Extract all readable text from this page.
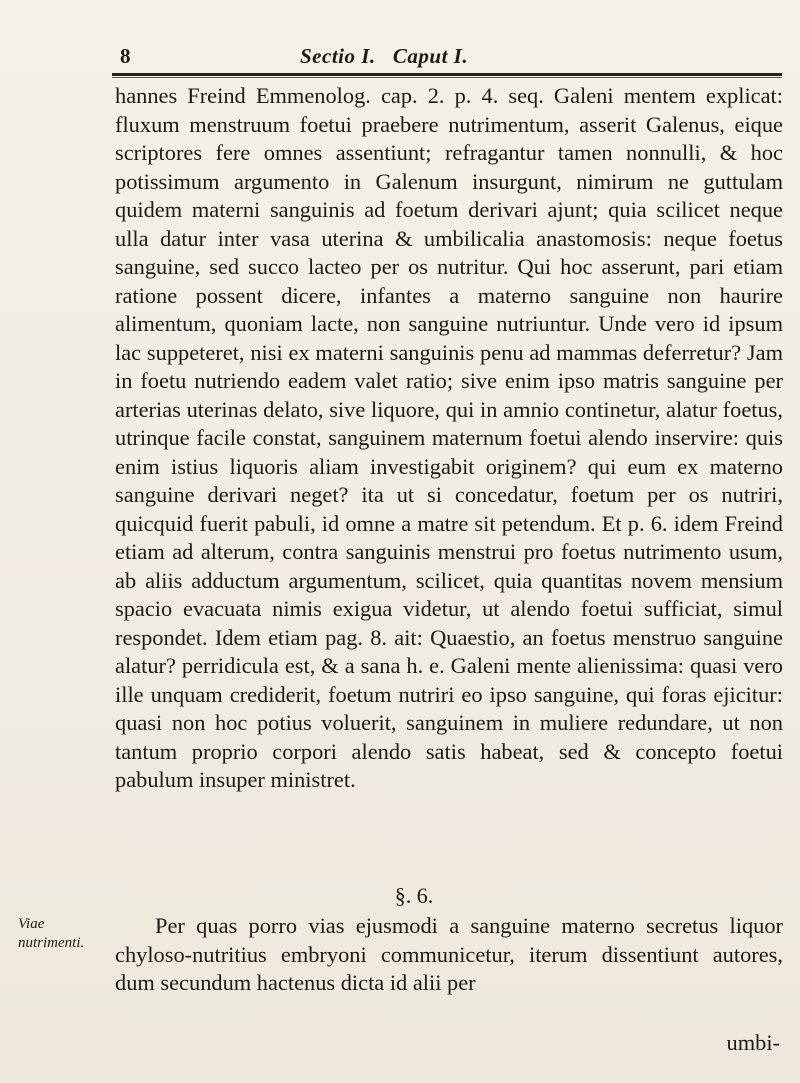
8	Sectio I.   Caput I.

hannes Freind Emmenolog. cap. 2. p. 4. seq. Galeni mentem explicat: fluxum menstruum foetui praebere nutrimentum, asserit Galenus, eique scriptores fere omnes assentiunt; refragantur tamen nonnulli, & hoc potissimum argumento in Galenum insurgunt, nimirum ne guttulam quidem materni sanguinis ad foetum derivari ajunt; quia scilicet neque ulla datur inter vasa uterina & umbilicalia anastomosis: neque foetus sanguine, sed succo lacteo per os nutritur. Qui hoc asserunt, pari etiam ratione possent dicere, infantes a materno sanguine non haurire alimentum, quoniam lacte, non sanguine nutriuntur. Unde vero id ipsum lac suppeteret, nisi ex materni sanguinis penu ad mammas deferretur? Jam in foetu nutriendo eadem valet ratio; sive enim ipso matris sanguine per arterias uterinas delato, sive liquore, qui in amnio continetur, alatur foetus, utrinque facile constat, sanguinem maternum foetui alendo inservire: quis enim istius liquoris aliam investigabit originem? qui eum ex materno sanguine derivari neget? ita ut si concedatur, foetum per os nutriri, quicquid fuerit pabuli, id omne a matre sit petendum. Et p. 6. idem Freind etiam ad alterum, contra sanguinis menstrui pro foetus nutrimento usum, ab aliis adductum argumentum, scilicet, quia quantitas novem mensium spacio evacuata nimis exigua videtur, ut alendo foetui sufficiat, simul respondet. Idem etiam pag. 8. ait: Quaestio, an foetus menstruo sanguine alatur? perridicula est, & a sana h. e. Galeni mente alienissima: quasi vero ille unquam crediderit, foetum nutriri eo ipso sanguine, qui foras ejicitur: quasi non hoc potius voluerit, sanguinem in muliere redundare, ut non tantum proprio corpori alendo satis habeat, sed & concepto foetui pabulum insuper ministret.

§. 6.
Viae nutrimenti.
Per quas porro vias ejusmodi a sanguine materno secretus liquor chyloso-nutritius embryoni communicetur, iterum dissentiunt autores, dum secundum hactenus dicta id alii per
umbi-
